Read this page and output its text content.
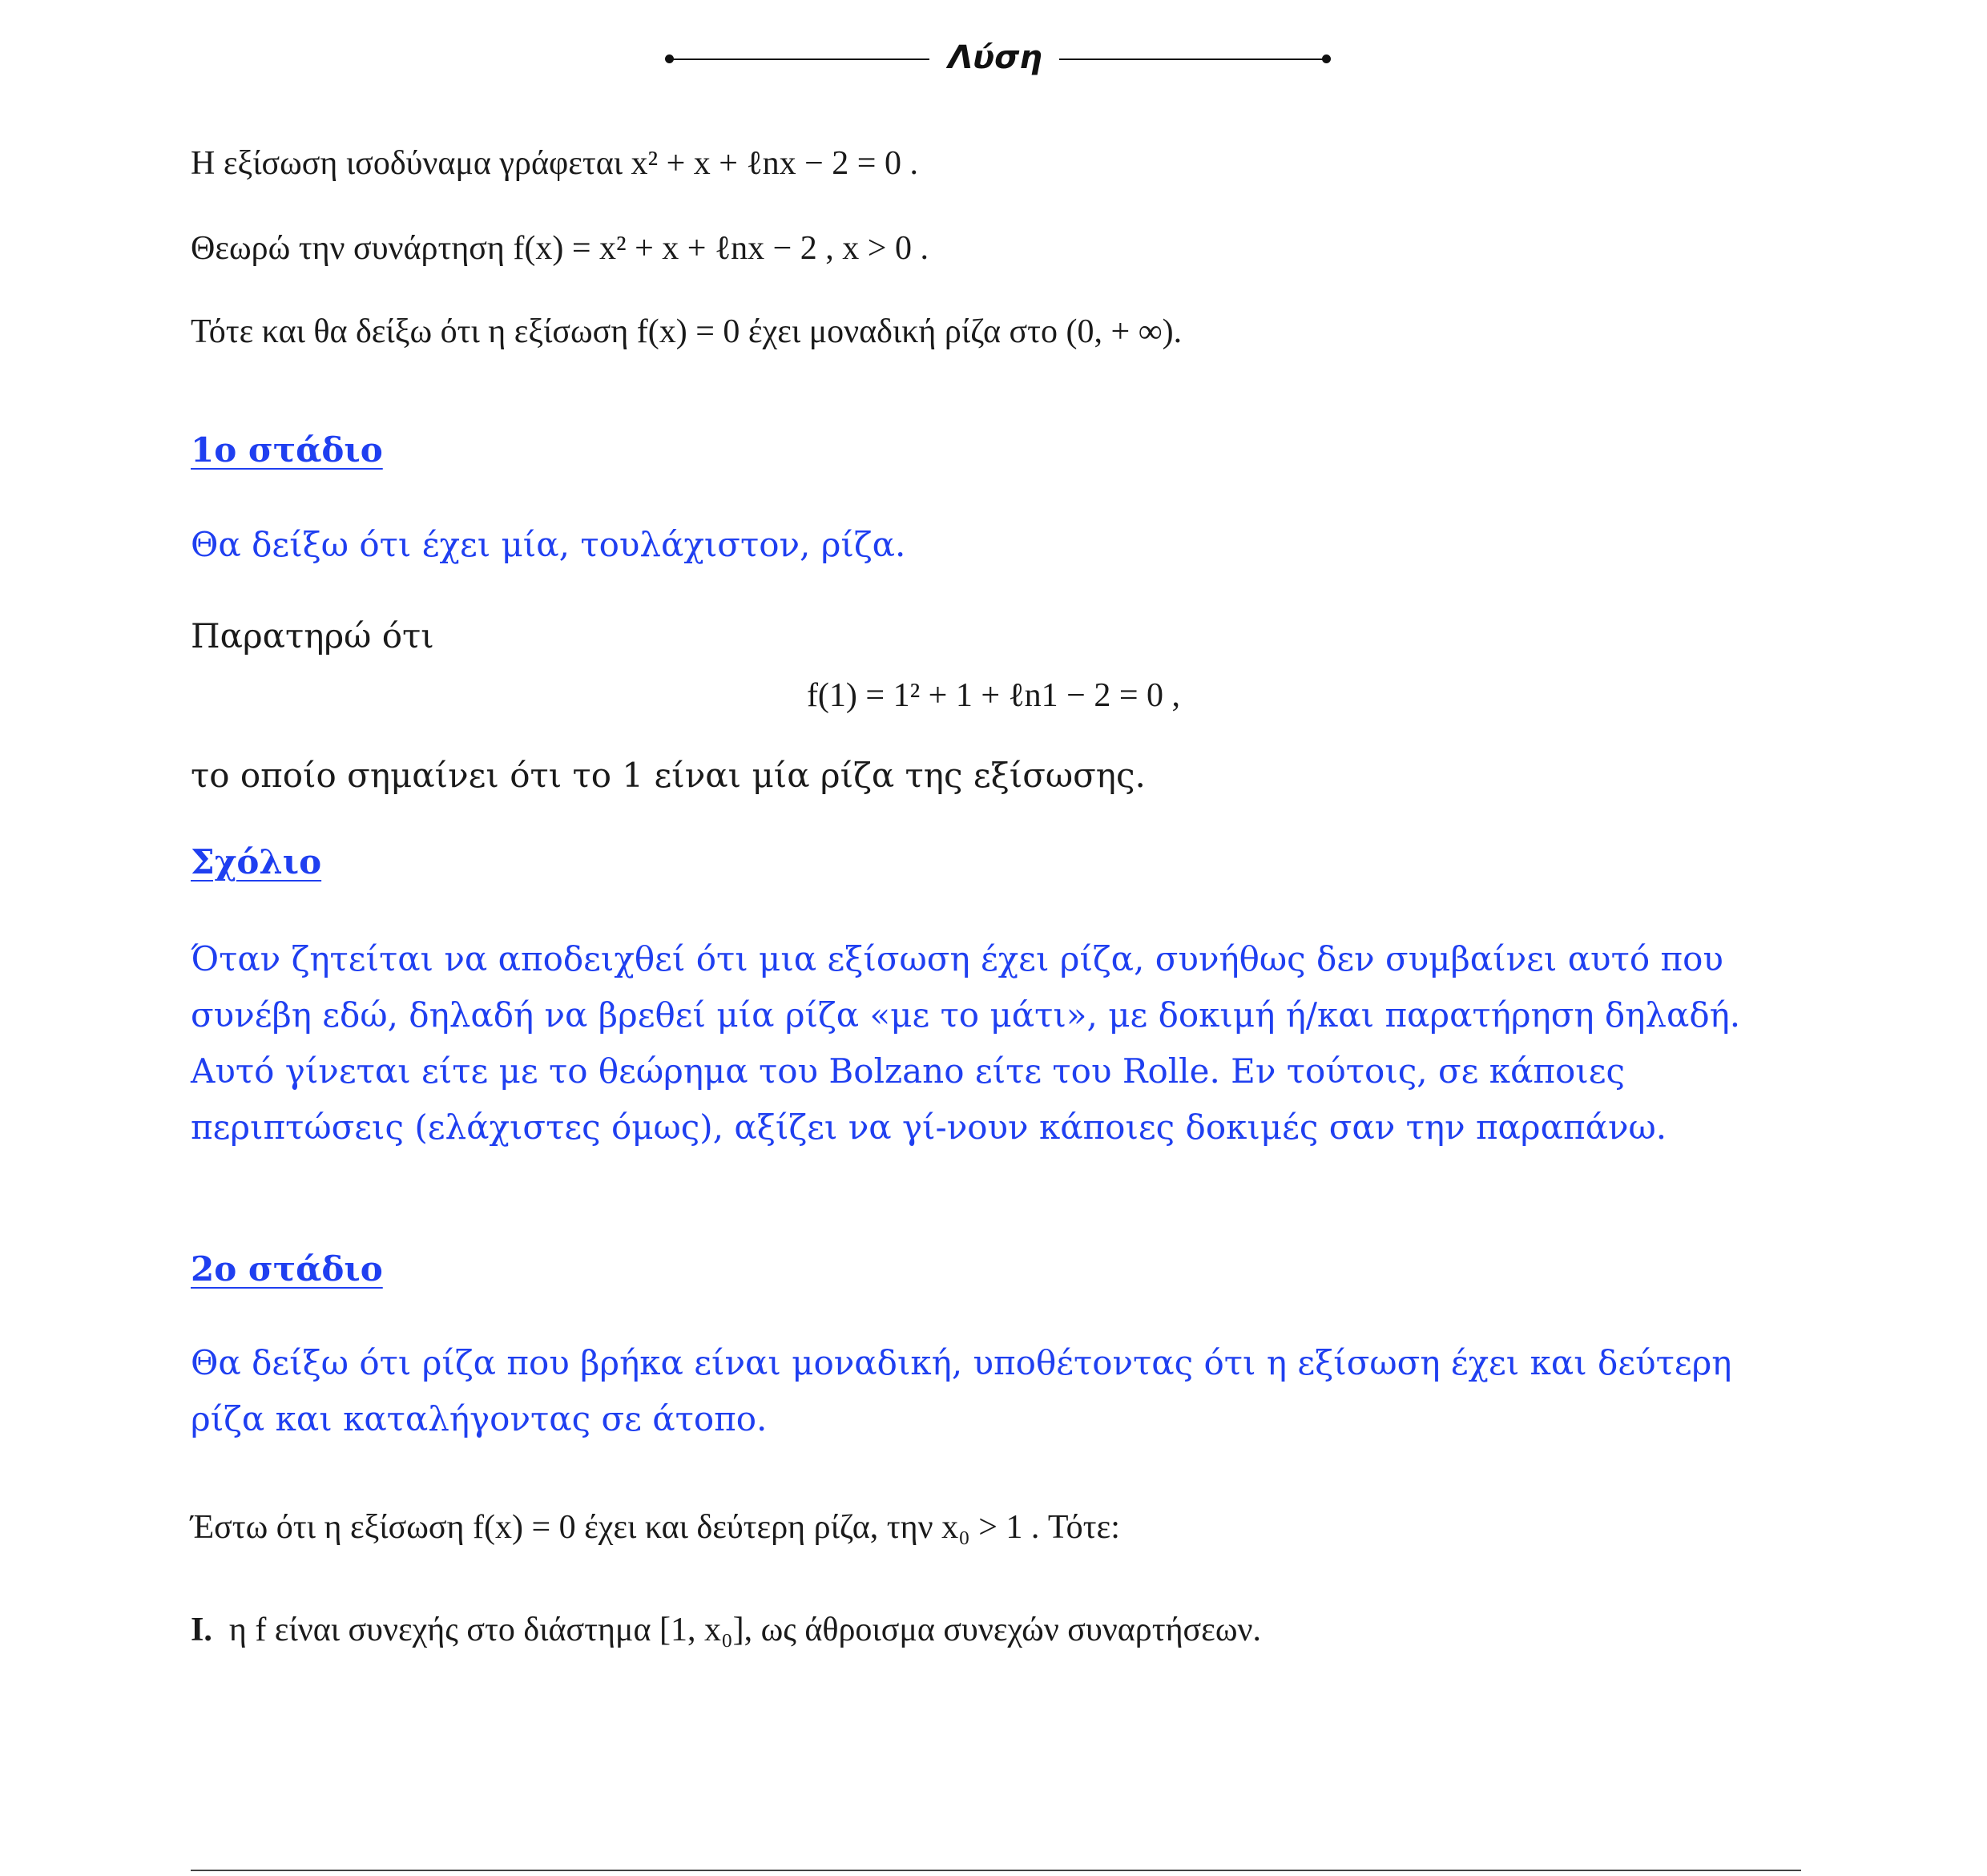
Λύση
Η εξίσωση ισοδύναμα γράφεται x² + x + ℓnx − 2 = 0 .
Θεωρώ την συνάρτηση f(x) = x² + x + ℓnx − 2 , x > 0 .
Τότε και θα δείξω ότι η εξίσωση f(x) = 0 έχει μοναδική ρίζα στο (0, + ∞).
1ο στάδιο
Θα δείξω ότι έχει μία, τουλάχιστον, ρίζα.
Παρατηρώ ότι
f(1) = 1² + 1 + ℓn1 − 2 = 0 ,
το οποίο σημαίνει ότι το 1 είναι μία ρίζα της εξίσωσης.
Σχόλιο
Όταν ζητείται να αποδειχθεί ότι μια εξίσωση έχει ρίζα, συνήθως δεν συμβαίνει αυτό που συνέβη εδώ, δηλαδή να βρεθεί μία ρίζα «με το μάτι», με δοκιμή ή/και παρατήρηση δηλαδή. Αυτό γίνεται είτε με το θεώρημα του Bolzano είτε του Rolle. Εν τούτοις, σε κάποιες περιπτώσεις (ελάχιστες όμως), αξίζει να γί-νουν κάποιες δοκιμές σαν την παραπάνω.
2ο στάδιο
Θα δείξω ότι ρίζα που βρήκα είναι μοναδική, υποθέτοντας ότι η εξίσωση έχει και δεύτερη ρίζα και καταλήγοντας σε άτοπο.
Έστω ότι η εξίσωση f(x) = 0 έχει και δεύτερη ρίζα, την x₀ > 1 . Τότε:
I. η f είναι συνεχής στο διάστημα [1, x₀], ως άθροισμα συνεχών συναρτήσεων.
